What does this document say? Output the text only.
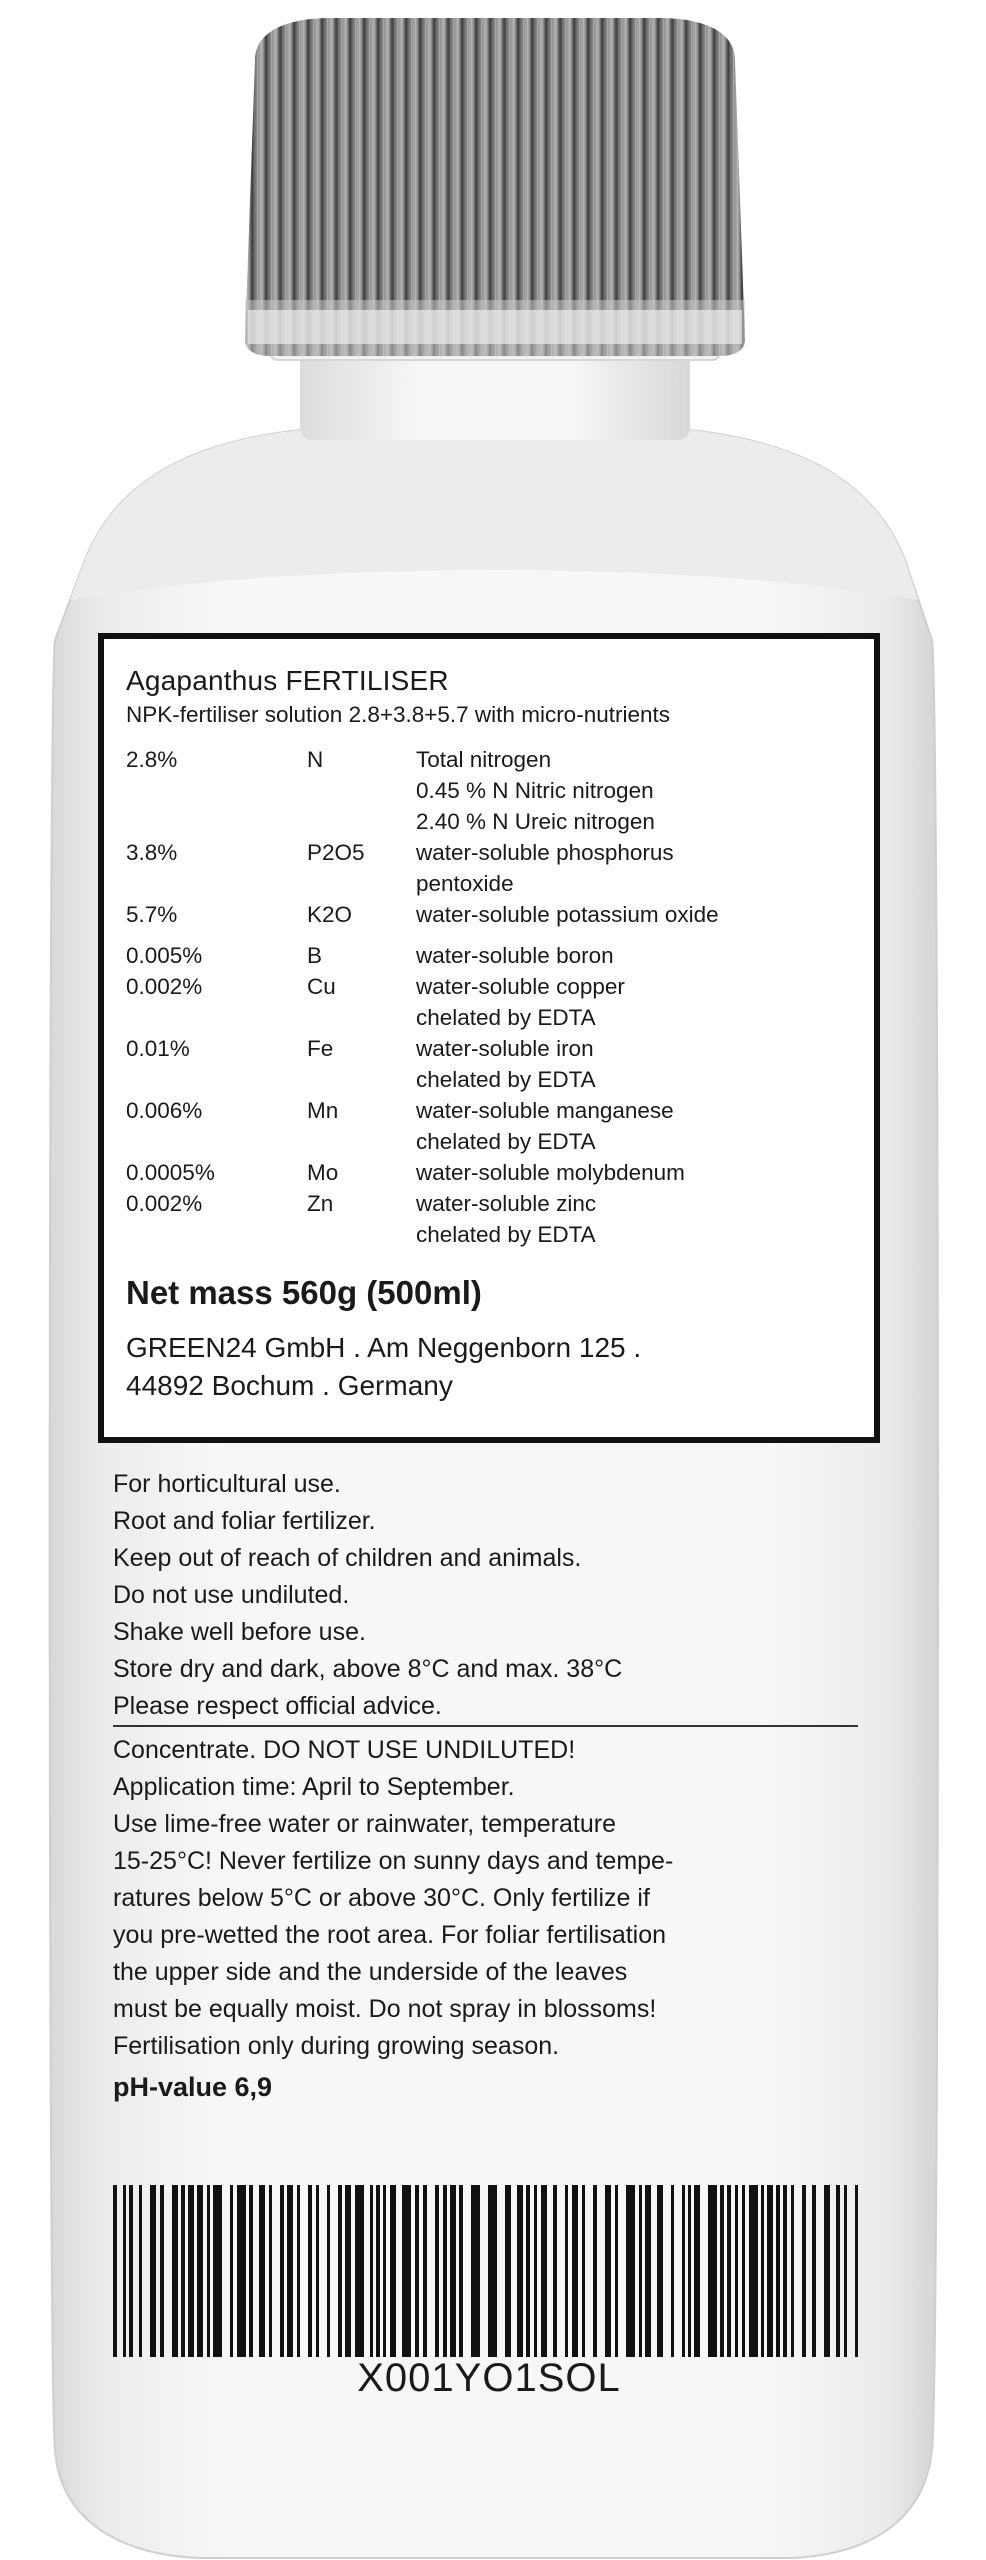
Agapanthus FERTILISER
NPK-fertiliser solution 2.8+3.8+5.7 with micro-nutrients
2.8%	N	Total nitrogen
0.45 % N Nitric nitrogen
2.40 % N Ureic nitrogen
3.8%	P2O5	water-soluble phosphorus
pentoxide
5.7%	K2O	water-soluble potassium oxide
0.005%	B	water-soluble boron
0.002%	Cu	water-soluble copper
chelated by EDTA
0.01%	Fe	water-soluble iron
chelated by EDTA
0.006%	Mn	water-soluble manganese
chelated by EDTA
0.0005%	Mo	water-soluble molybdenum
0.002%	Zn	water-soluble zinc
chelated by EDTA
Net mass 560g (500ml)
GREEN24 GmbH . Am Neggenborn 125 .
44892 Bochum . Germany
For horticultural use.
Root and foliar fertilizer.
Keep out of reach of children and animals.
Do not use undiluted.
Shake well before use.
Store dry and dark, above 8°C and max. 38°C
Please respect official advice.
Concentrate. DO NOT USE UNDILUTED!
Application time: April to September.
Use lime-free water or rainwater, temperature
15-25°C! Never fertilize on sunny days and tempe-
ratures below 5°C or above 30°C. Only fertilize if
you pre-wetted the root area. For foliar fertilisation
the upper side and the underside of the leaves
must be equally moist. Do not spray in blossoms!
Fertilisation only during growing season.
pH-value 6,9
X001YO1SOL
